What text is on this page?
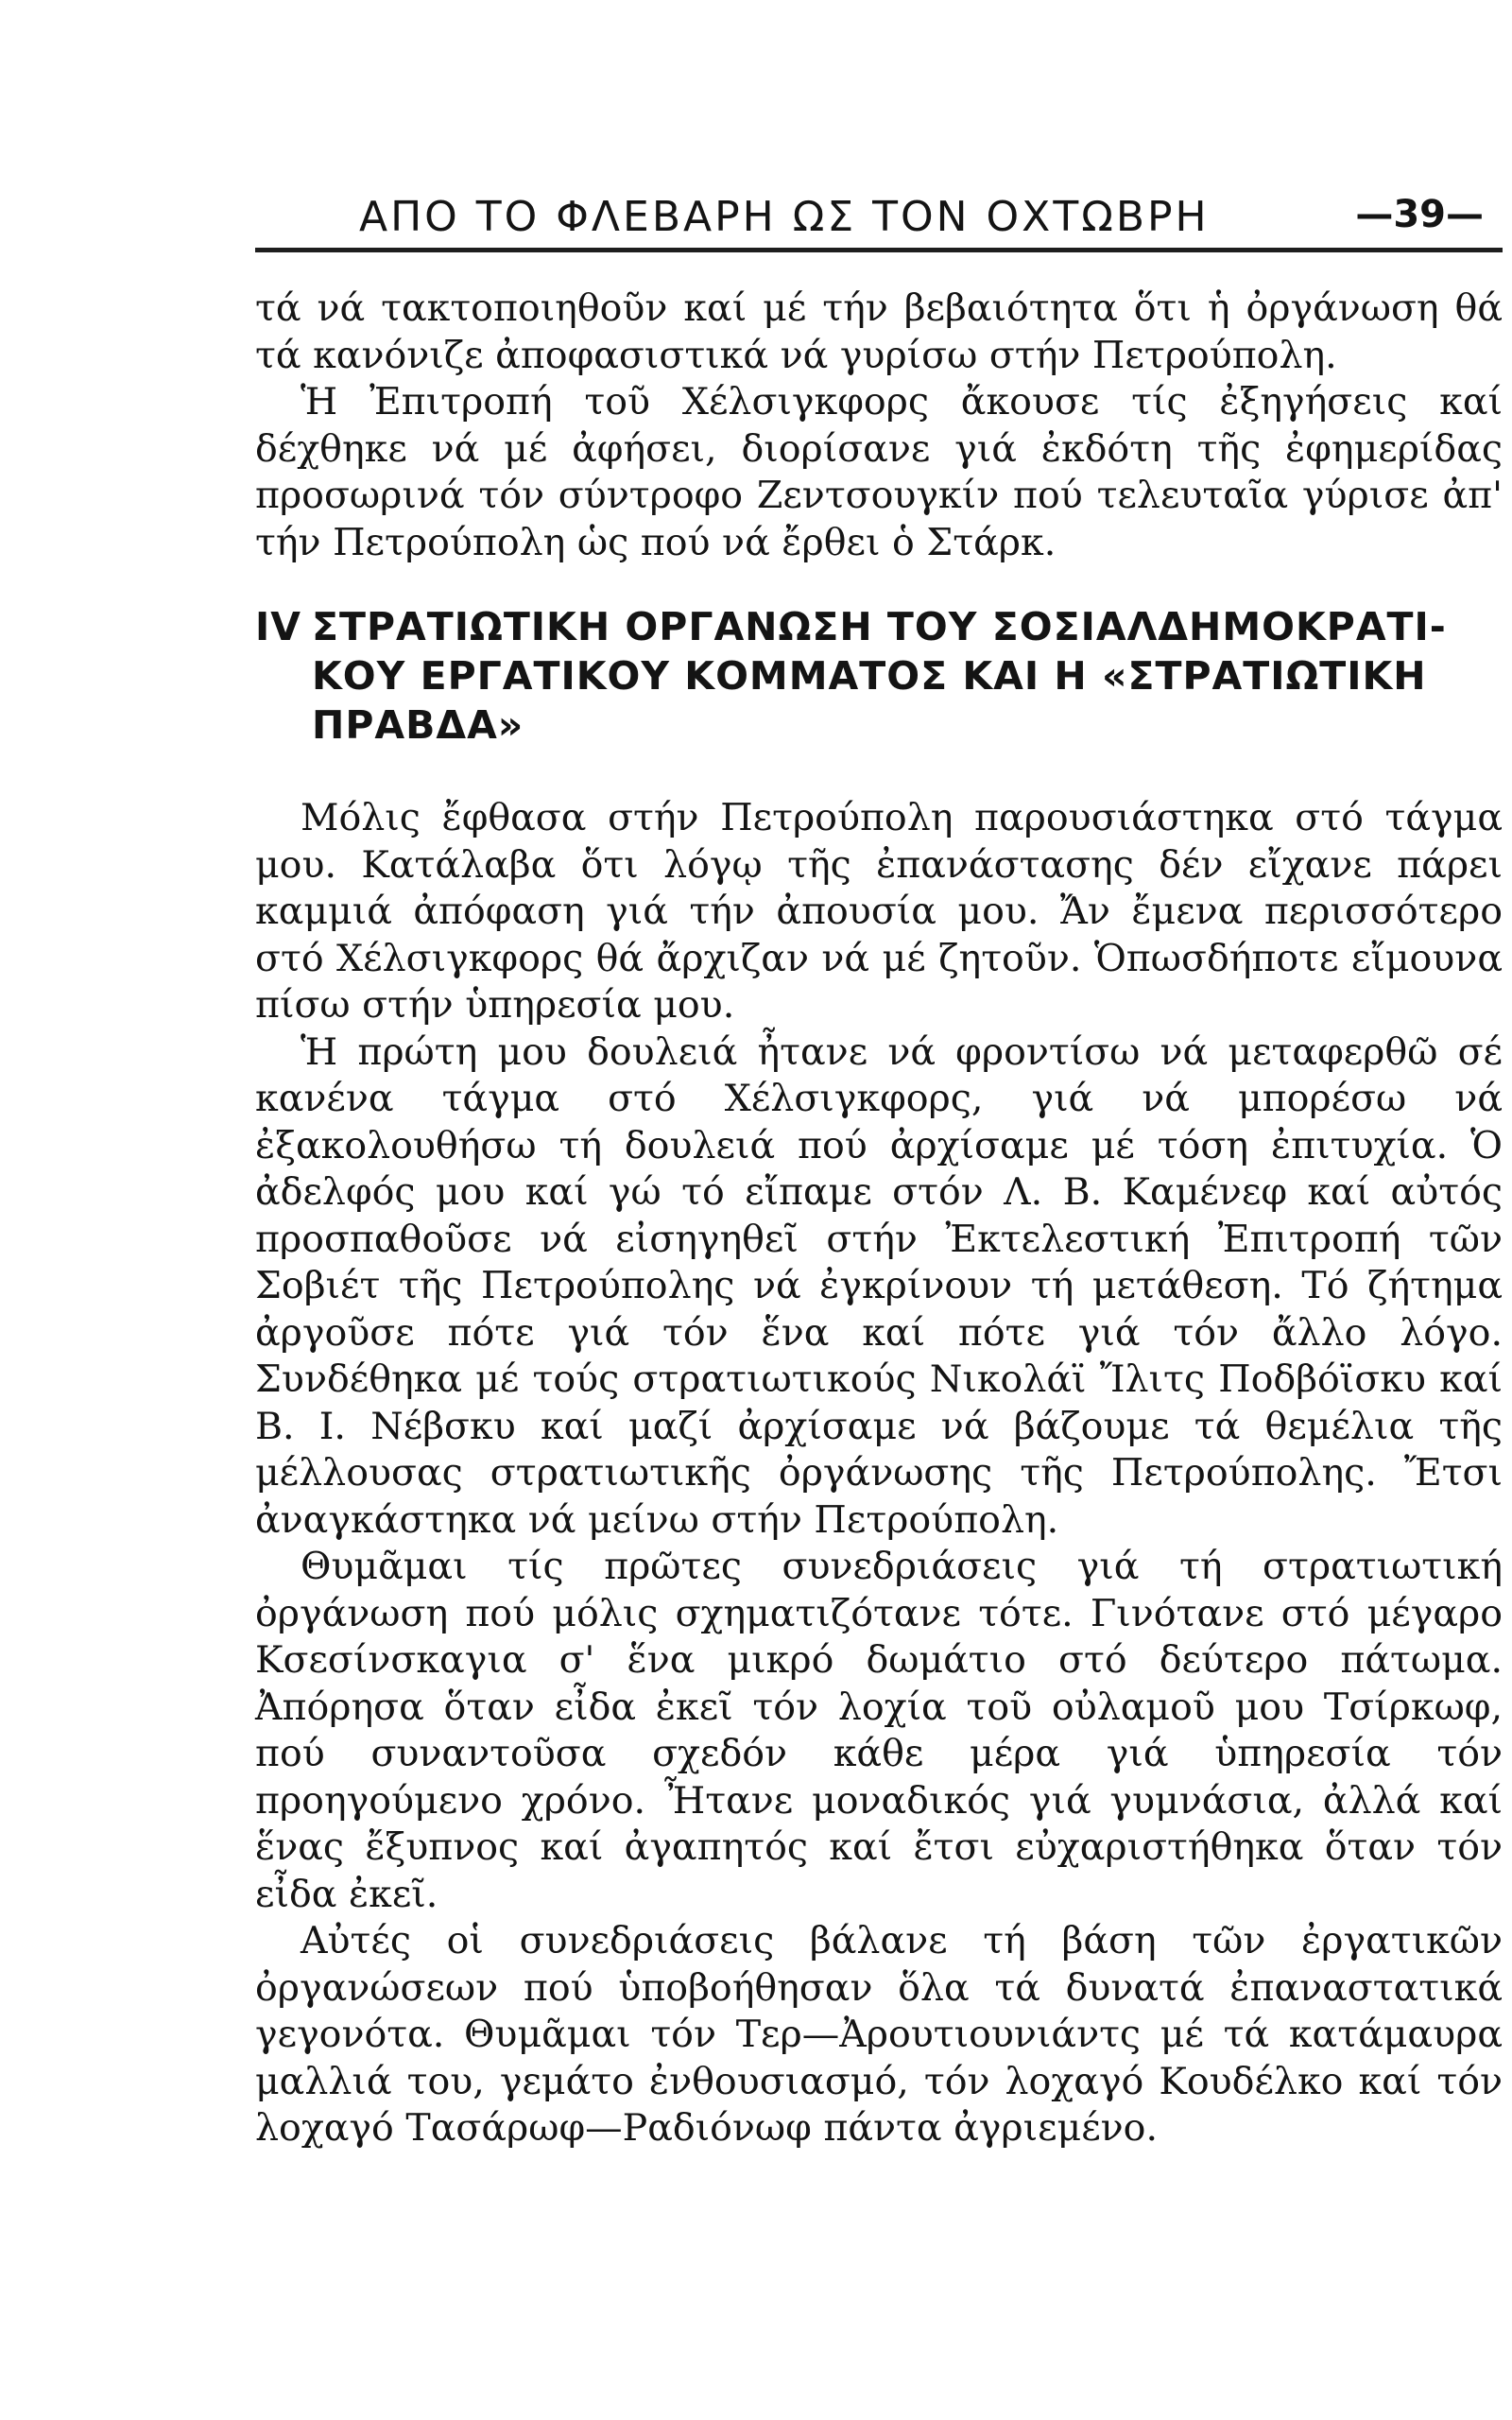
ΑΠΟ ΤΟ ΦΛΕΒΑΡΗ ΩΣ ΤΟΝ ΟΧΤΩΒΡΗ	—39—

τά νά τακτοποιηθοῦν καί μέ τήν βεβαιότητα ὅτι ἡ ὀργάνωση θά τά κανόνιζε ἀποφασιστικά νά γυρίσω στήν Πετρούπολη.

Ἡ Ἐπιτροπή τοῦ Χέλσιγκφορς ἄκουσε τίς ἐξηγήσεις καί δέχθηκε νά μέ ἀφήσει, διορίσανε γιά ἐκδότη τῆς ἐφημερίδας προσωρινά τόν σύντροφο Ζεντσουγκίν πού τελευταῖα γύρισε ἀπ' τήν Πετρούπολη ὡς πού νά ἔρθει ὁ Στάρκ.

IV ΣΤΡΑΤΙΩΤΙΚΗ ΟΡΓΑΝΩΣΗ ΤΟΥ ΣΟΣΙΑΛΔΗΜΟΚΡΑΤΙ-
ΚΟΥ ΕΡΓΑΤΙΚΟΥ ΚΟΜΜΑΤΟΣ ΚΑΙ Η «ΣΤΡΑΤΙΩΤΙΚΗ
ΠΡΑΒΔΑ»

Μόλις ἔφθασα στήν Πετρούπολη παρουσιάστηκα στό τάγμα μου. Κατάλαβα ὅτι λόγῳ τῆς ἐπανάστασης δέν εἴχανε πάρει καμμιά ἀπόφαση γιά τήν ἀπουσία μου. Ἄν ἔμενα περισσότερο στό Χέλσιγκφορς θά ἄρχιζαν νά μέ ζητοῦν. Ὁπωσδήποτε εἴμουνα πίσω στήν ὑπηρεσία μου.

Ἡ πρώτη μου δουλειά ἦτανε νά φροντίσω νά μεταφερθῶ σέ κανένα τάγμα στό Χέλσιγκφορς, γιά νά μπορέσω νά ἐξακολουθήσω τή δουλειά πού ἀρχίσαμε μέ τόση ἐπιτυχία. Ὁ ἀδελφός μου καί γώ τό εἴπαμε στόν Λ. Β. Καμένεφ καί αὐτός προσπαθοῦσε νά εἰσηγηθεῖ στήν Ἐκτελεστική Ἐπιτροπή τῶν Σοβιέτ τῆς Πετρούπολης νά ἐγκρίνουν τή μετάθεση. Τό ζήτημα ἀργοῦσε πότε γιά τόν ἕνα καί πότε γιά τόν ἄλλο λόγο. Συνδέθηκα μέ τούς στρατιωτικούς Νικολάϊ Ἴλιτς Ποδβόϊσκυ καί Β. Ι. Νέβσκυ καί μαζί ἀρχίσαμε νά βάζουμε τά θεμέλια τῆς μέλλουσας στρατιωτικῆς ὀργάνωσης τῆς Πετρούπολης. Ἔτσι ἀναγκάστηκα νά μείνω στήν Πετρούπολη.

Θυμᾶμαι τίς πρῶτες συνεδριάσεις γιά τή στρατιωτική ὀργάνωση πού μόλις σχηματιζότανε τότε. Γινότανε στό μέγαρο Κσεσίνσκαγια σ' ἕνα μικρό δωμάτιο στό δεύτερο πάτωμα. Ἀπόρησα ὅταν εἶδα ἐκεῖ τόν λοχία τοῦ οὐλαμοῦ μου Τσίρκωφ, πού συναντοῦσα σχεδόν κάθε μέρα γιά ὑπηρεσία τόν προηγούμενο χρόνο. Ἦτανε μοναδικός γιά γυμνάσια, ἀλλά καί ἕνας ἔξυπνος καί ἀγαπητός καί ἔτσι εὐχαριστήθηκα ὅταν τόν εἶδα ἐκεῖ.

Αὐτές οἱ συνεδριάσεις βάλανε τή βάση τῶν ἐργατικῶν ὀργανώσεων πού ὑποβοήθησαν ὅλα τά δυνατά ἐπαναστατικά γεγονότα. Θυμᾶμαι τόν Τερ—Ἀρουτιουνιάντς μέ τά κατάμαυρα μαλλιά του, γεμάτο ἐνθουσιασμό, τόν λοχαγό Κουδέλκο καί τόν λοχαγό Τασάρωφ—Ραδιόνωφ πάντα ἀγριεμένο.
